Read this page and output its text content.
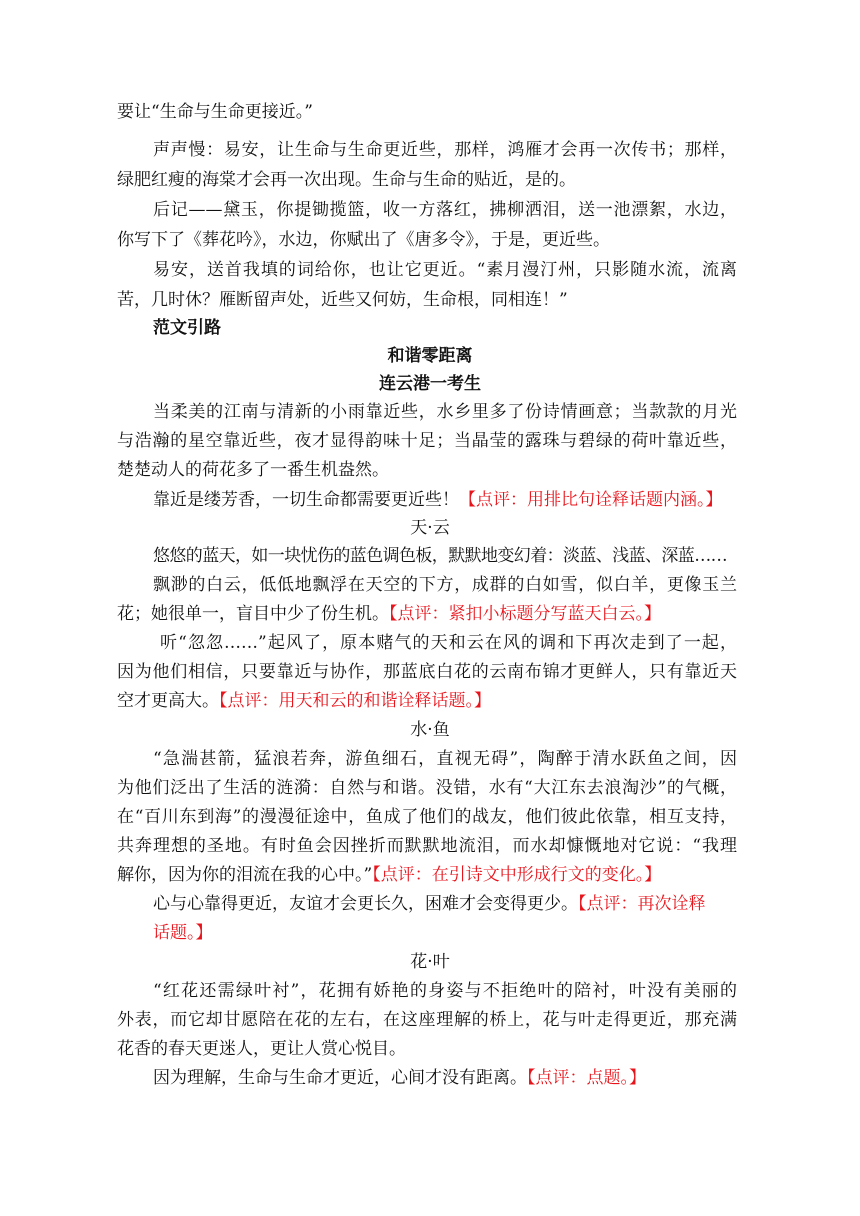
要让“生命与生命更接近。”
声声慢：易安，让生命与生命更近些，那样，鸿雁才会再一次传书；那样，
绿肥红瘦的海棠才会再一次出现。生命与生命的贴近，是的。
后记——黛玉，你提锄揽篮，收一方落红，拂柳洒泪，送一池漂絮，水边，
你写下了《葬花吟》，水边，你赋出了《唐多令》，于是，更近些。
易安，送首我填的词给你，也让它更近。“素月漫汀州，只影随水流，流离
苦，几时休？雁断留声处，近些又何妨，生命根，同相连！”
范文引路
和谐零距离
连云港一考生
当柔美的江南与清新的小雨靠近些，水乡里多了份诗情画意；当款款的月光
与浩瀚的星空靠近些，夜才显得韵味十足；当晶莹的露珠与碧绿的荷叶靠近些，
楚楚动人的荷花多了一番生机盎然。
靠近是缕芳香，一切生命都需要更近些！【点评：用排比句诠释话题内涵。】
天·云
悠悠的蓝天，如一块忧伤的蓝色调色板，默默地变幻着：淡蓝、浅蓝、深蓝……
飘渺的白云，低低地飘浮在天空的下方，成群的白如雪，似白羊，更像玉兰
花；她很单一，盲目中少了份生机。【点评：紧扣小标题分写蓝天白云。】
听“忽忽……”起风了，原本赌气的天和云在风的调和下再次走到了一起，
因为他们相信，只要靠近与协作，那蓝底白花的云南布锦才更鲜人，只有靠近天
空才更高大。【点评：用天和云的和谐诠释话题。】
水·鱼
“急湍甚箭，猛浪若奔，游鱼细石，直视无碍”，陶醉于清水跃鱼之间，因
为他们泛出了生活的涟漪：自然与和谐。没错，水有“大江东去浪淘沙”的气概，
在“百川东到海”的漫漫征途中，鱼成了他们的战友，他们彼此依靠，相互支持，
共奔理想的圣地。有时鱼会因挫折而默默地流泪，而水却慷慨地对它说：“我理
解你，因为你的泪流在我的心中。”【点评：在引诗文中形成行文的变化。】
心与心靠得更近，友谊才会更长久，困难才会变得更少。【点评：再次诠释
话题。】
花·叶
“红花还需绿叶衬”，花拥有娇艳的身姿与不拒绝叶的陪衬，叶没有美丽的
外表，而它却甘愿陪在花的左右，在这座理解的桥上，花与叶走得更近，那充满
花香的春天更迷人，更让人赏心悦目。
因为理解，生命与生命才更近，心间才没有距离。【点评：点题。】
